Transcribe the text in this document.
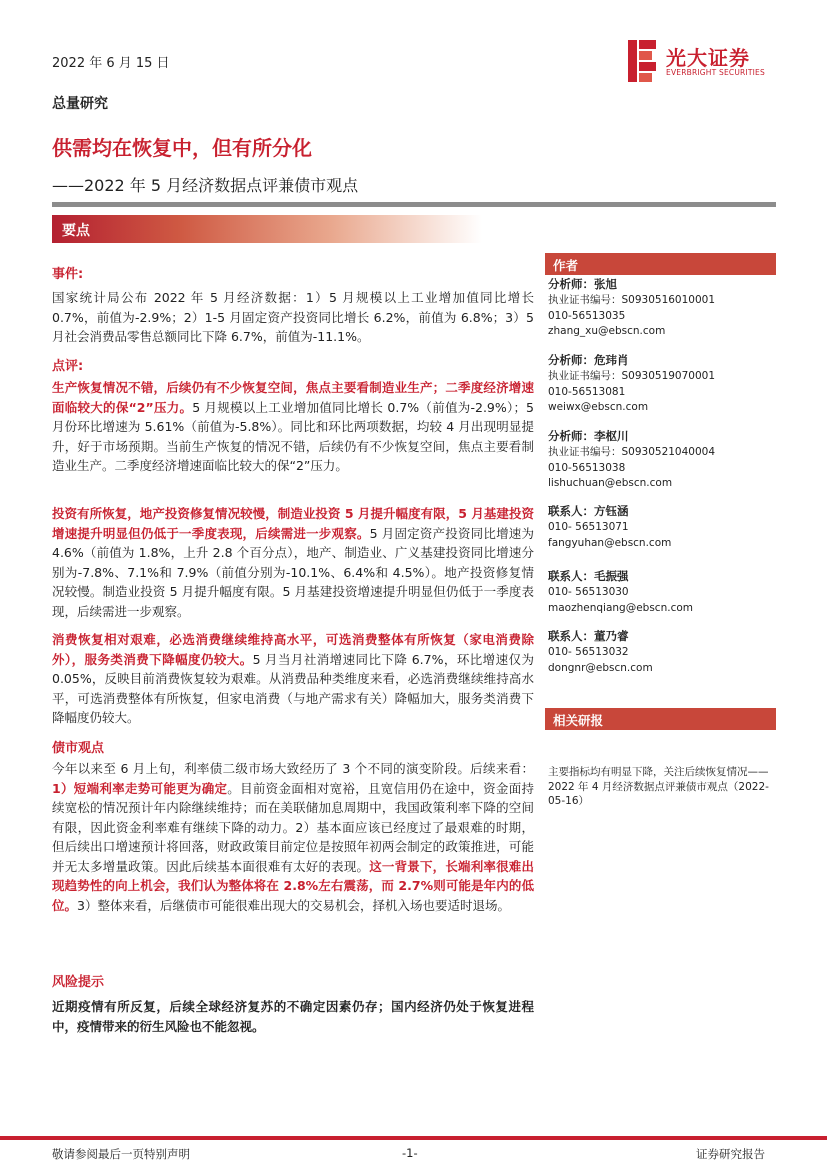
2022 年 6 月 15 日	光大证券
EVERBRIGHT SECURITIES
总量研究
供需均在恢复中，但有所分化
——2022 年 5 月经济数据点评兼债市观点
要点
事件:
国家统计局公布 2022 年 5 月经济数据：1）5 月规模以上工业增加值同比增长 0.7%，前值为-2.9%；2）1-5 月固定资产投资同比增长 6.2%，前值为 6.8%；3）5 月社会消费品零售总额同比下降 6.7%，前值为-11.1%。
点评:
生产恢复情况不错，后续仍有不少恢复空间，焦点主要看制造业生产；二季度经济增速面临较大的保“2”压力。5 月规模以上工业增加值同比增长 0.7%（前值为-2.9%）；5 月份环比增速为 5.61%（前值为-5.8%）。同比和环比两项数据，均较 4 月出现明显提升，好于市场预期。当前生产恢复的情况不错，后续仍有不少恢复空间，焦点主要看制造业生产。二季度经济增速面临比较大的保“2”压力。
投资有所恢复，地产投资修复情况较慢，制造业投资 5 月提升幅度有限，5 月基建投资增速提升明显但仍低于一季度表现，后续需进一步观察。5 月固定资产投资同比增速为 4.6%（前值为 1.8%，上升 2.8 个百分点），地产、制造业、广义基建投资同比增速分别为-7.8%、7.1%和 7.9%（前值分别为-10.1%、6.4%和 4.5%）。地产投资修复情况较慢。制造业投资 5 月提升幅度有限。5 月基建投资增速提升明显但仍低于一季度表现，后续需进一步观察。
消费恢复相对艰难，必选消费继续维持高水平，可选消费整体有所恢复（家电消费除外），服务类消费下降幅度仍较大。5 月当月社消增速同比下降 6.7%，环比增速仅为 0.05%，反映目前消费恢复较为艰难。从消费品种类维度来看，必选消费继续维持高水平，可选消费整体有所恢复，但家电消费（与地产需求有关）降幅加大，服务类消费下降幅度仍较大。
债市观点
今年以来至 6 月上旬，利率债二级市场大致经历了 3 个不同的演变阶段。后续来看：1）短端利率走势可能更为确定。目前资金面相对宽裕，且宽信用仍在途中，资金面持续宽松的情况预计年内除继续维持；而在美联储加息周期中，我国政策利率下降的空间有限，因此资金利率难有继续下降的动力。2）基本面应该已经度过了最艰难的时期，但后续出口增速预计将回落，财政政策目前定位是按照年初两会制定的政策推进，可能并无太多增量政策。因此后续基本面很难有太好的表现。这一背景下，长端利率很难出现趋势性的向上机会，我们认为整体将在 2.8%左右震荡，而 2.7%则可能是年内的低位。3）整体来看，后继债市可能很难出现大的交易机会，择机入场也要适时退场。
风险提示
近期疫情有所反复，后续全球经济复苏的不确定因素仍存；国内经济仍处于恢复进程中，疫情带来的衍生风险也不能忽视。
作者
分析师：张旭
执业证书编号：S0930516010001
010-56513035
zhang_xu@ebscn.com
分析师：危玮肖
执业证书编号：S0930519070001
010-56513081
weiwx@ebscn.com
分析师：李枢川
执业证书编号：S0930521040004
010-56513038
lishuchuan@ebscn.com
联系人：方钰涵
010- 56513071
fangyuhan@ebscn.com
联系人：毛振强
010- 56513030
maozhenqiang@ebscn.com
联系人：董乃睿
010- 56513032
dongnr@ebscn.com
相关研报
主要指标均有明显下降，关注后续恢复情况——2022 年 4 月经济数据点评兼债市观点（2022-05-16）
敬请参阅最后一页特别声明	-1-	证券研究报告
